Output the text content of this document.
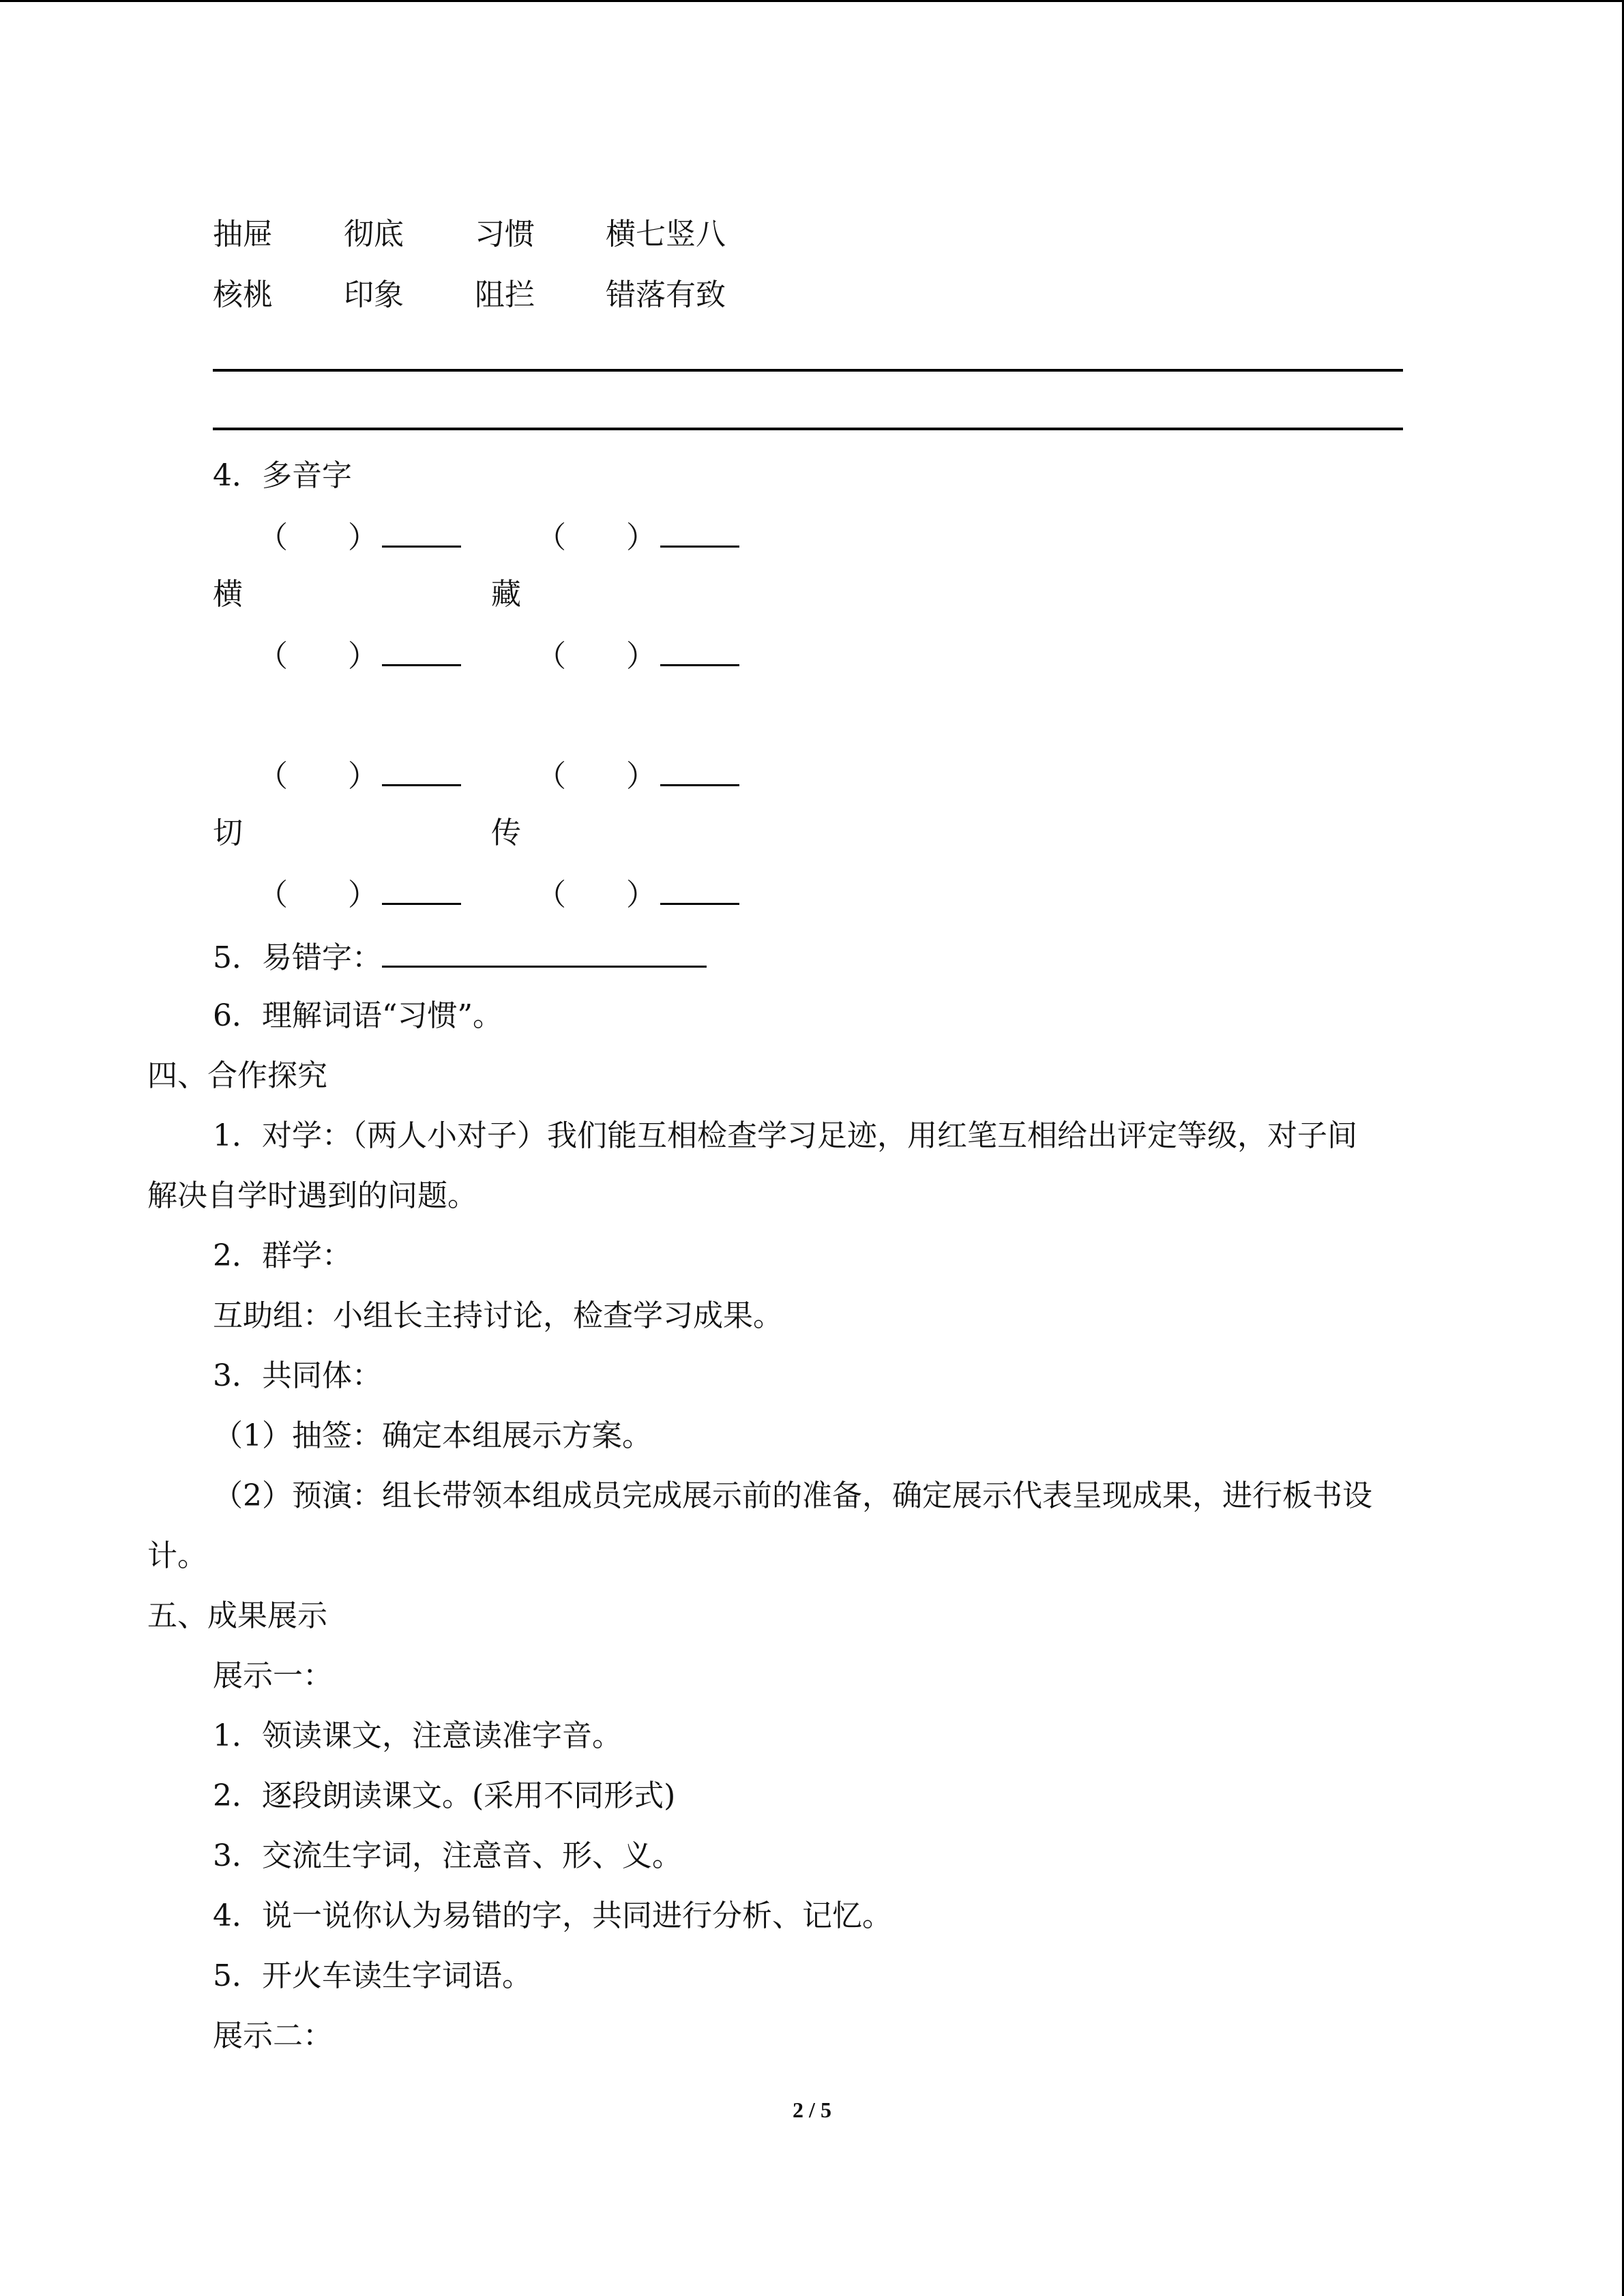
抽屉 彻底 习惯 横七竖八
核桃 印象 阻拦 错落有致
4．多音字
（　　）	（　　）
横	藏
（　　）	（　　）
（　　）	（　　）
切	传
（　　）	（　　）
5．易错字：
6．理解词语“习惯”。
四、合作探究
1．对学：（两人小对子）我们能互相检查学习足迹，用红笔互相给出评定等级，对子间
解决自学时遇到的问题。
2．群学：
互助组：小组长主持讨论，检查学习成果。
3．共同体：
（1）抽签：确定本组展示方案。
（2）预演：组长带领本组成员完成展示前的准备，确定展示代表呈现成果，进行板书设
计。
五、成果展示
展示一：
1．领读课文，注意读准字音。
2．逐段朗读课文。(采用不同形式)
3．交流生字词，注意音、形、义。
4．说一说你认为易错的字，共同进行分析、记忆。
5．开火车读生字词语。
展示二：
2 / 5
